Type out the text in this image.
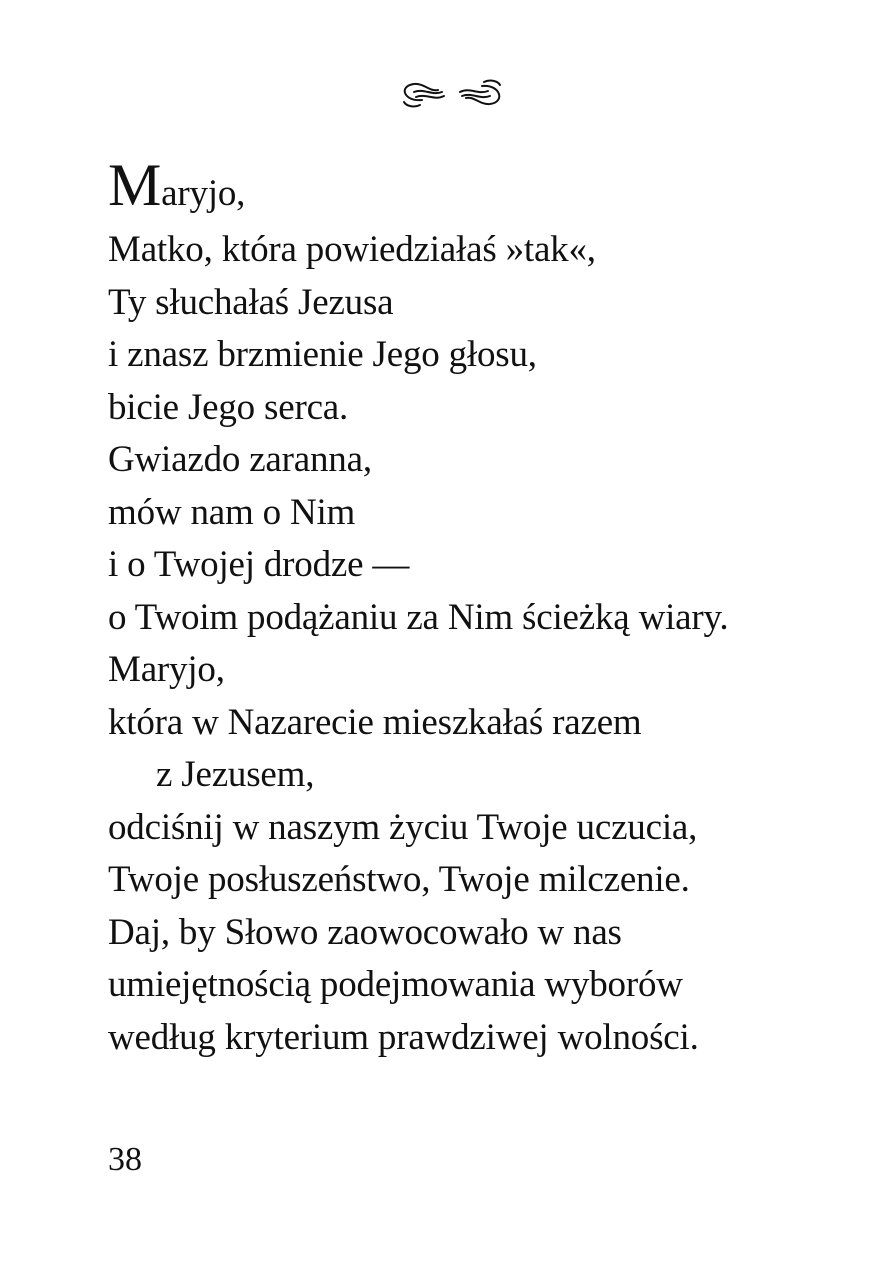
Maryjo,
Matko, która powiedziałaś »tak«,
Ty słuchałaś Jezusa
i znasz brzmienie Jego głosu,
bicie Jego serca.
Gwiazdo zaranna,
mów nam o Nim
i o Twojej drodze —
o Twoim podążaniu za Nim ścieżką wiary.
Maryjo,
która w Nazarecie mieszkałaś razem
z Jezusem,
odciśnij w naszym życiu Twoje uczucia,
Twoje posłuszeństwo, Twoje milczenie.
Daj, by Słowo zaowocowało w nas
umiejętnością podejmowania wyborów
według kryterium prawdziwej wolności.
38
